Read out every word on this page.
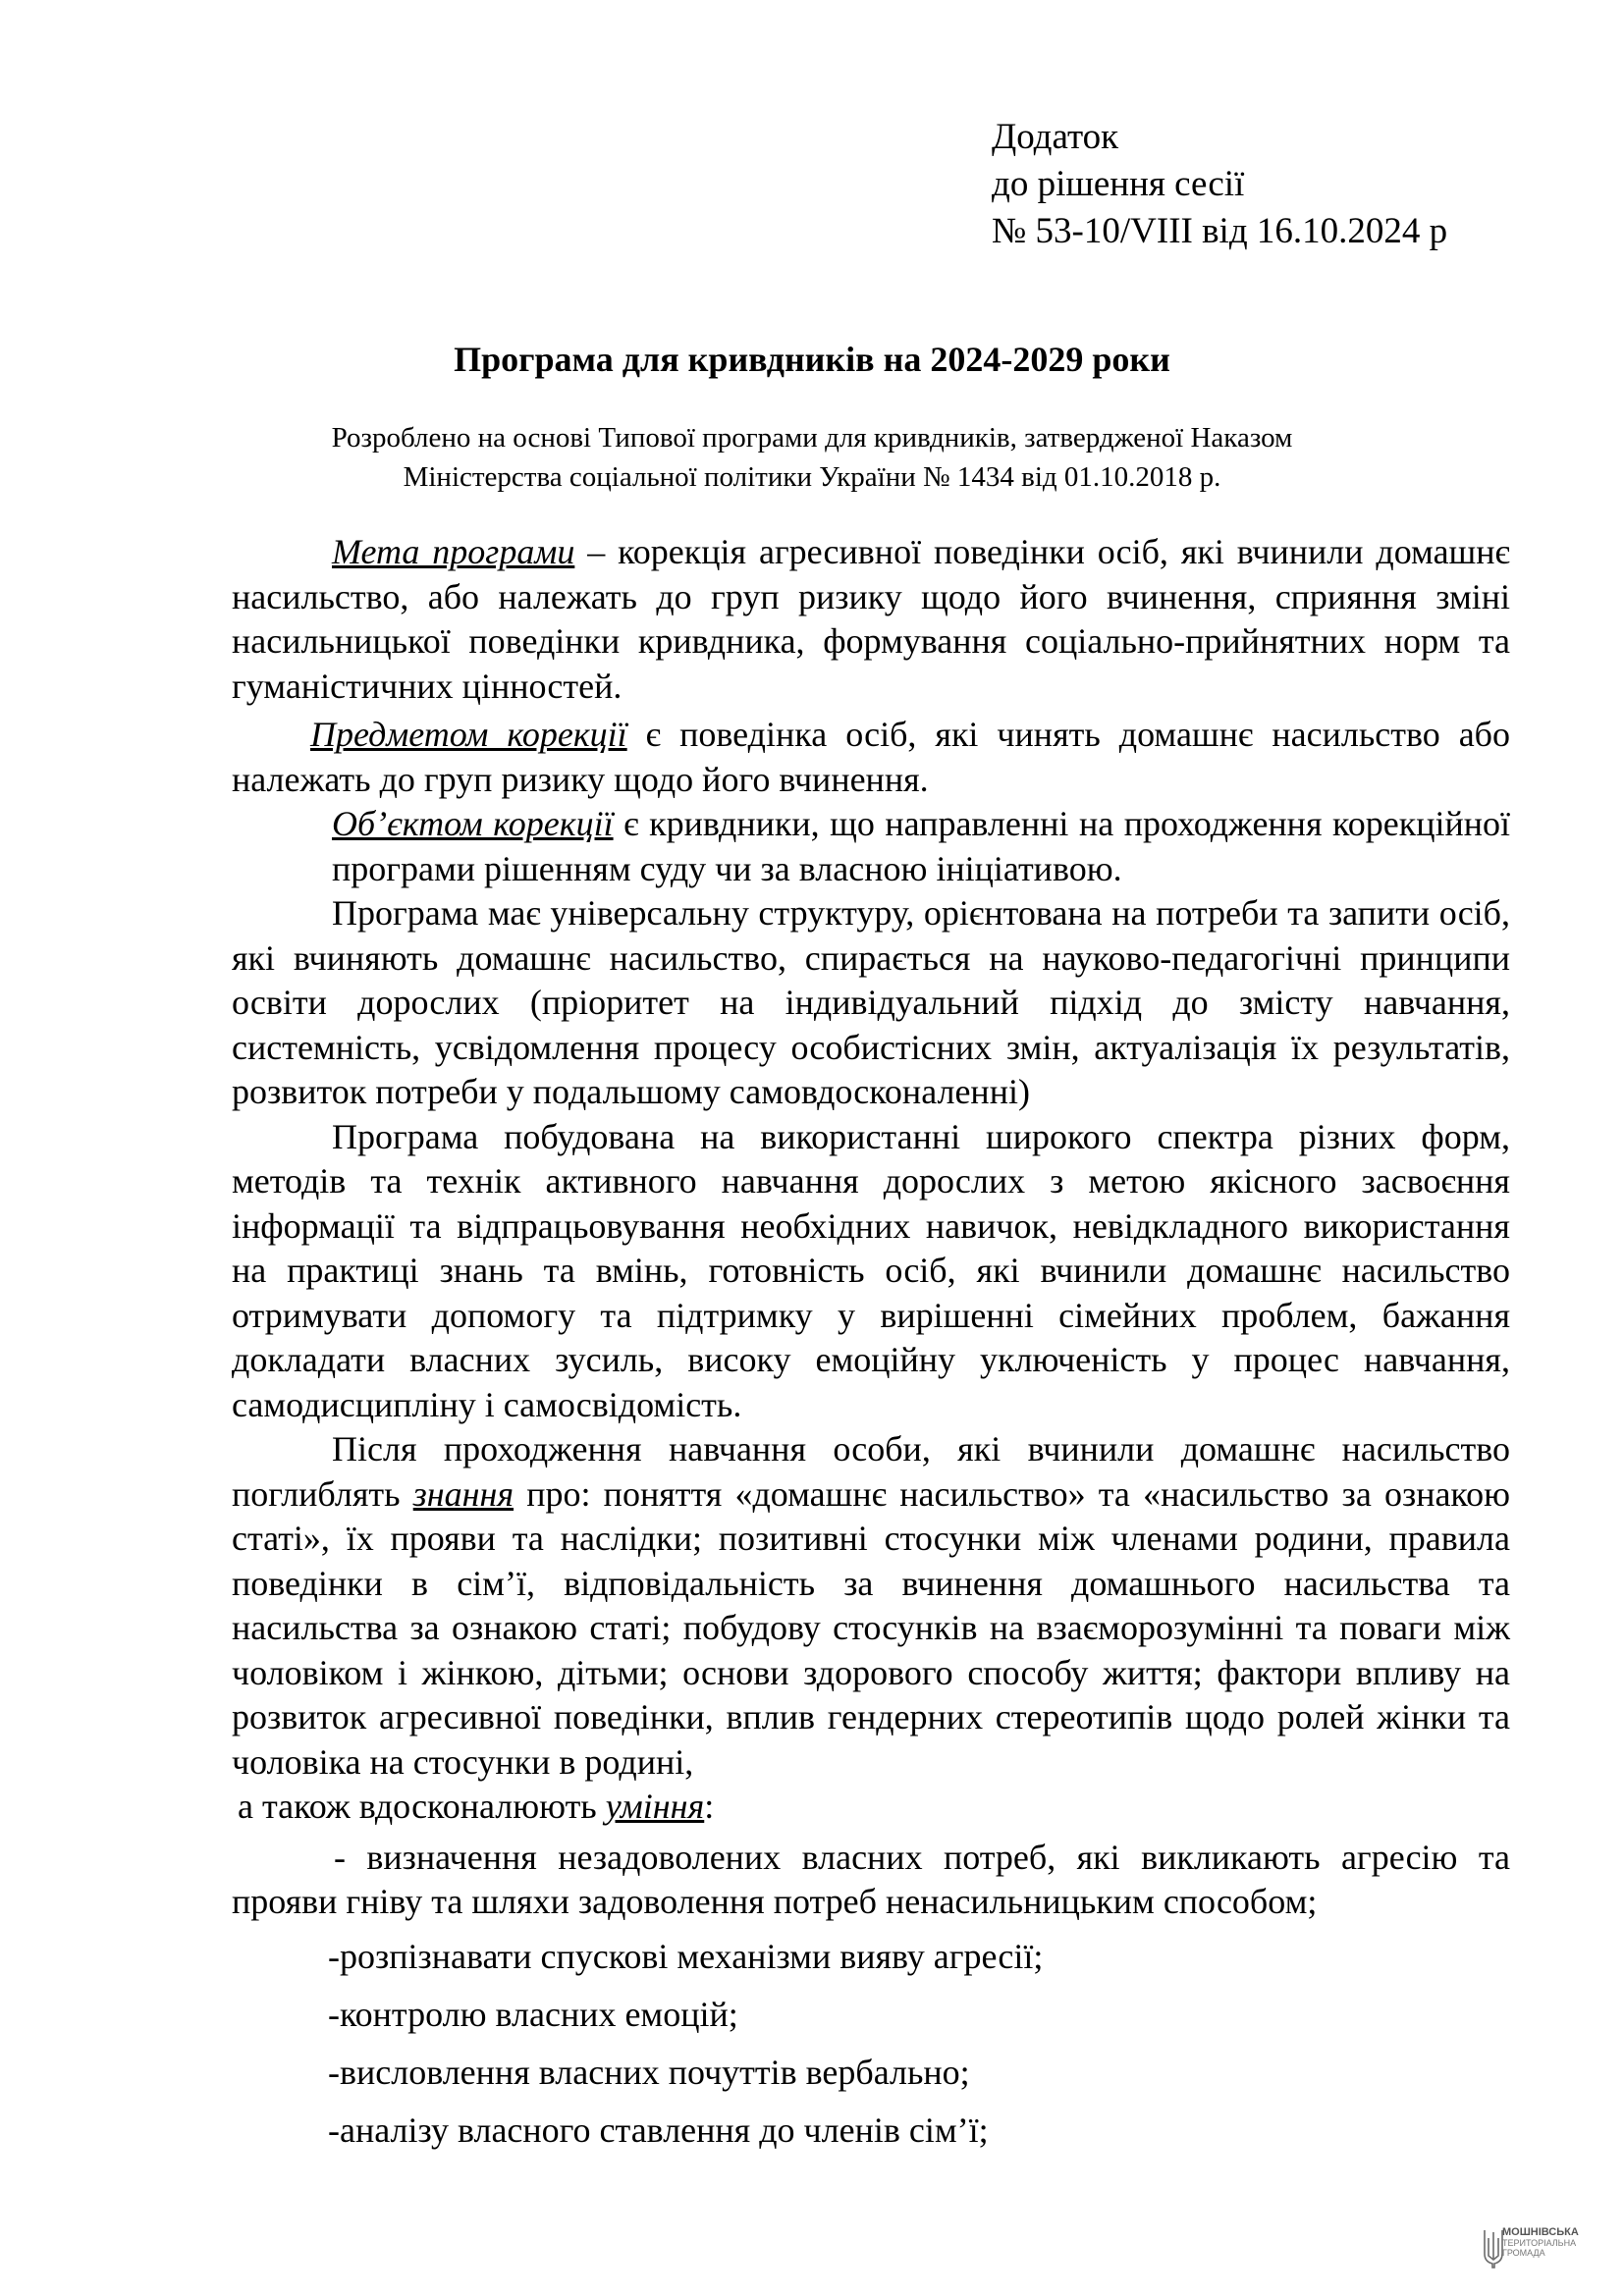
Додаток
до рішення сесії
№ 53-10/VIII від 16.10.2024 р
Програма для кривдників на 2024-2029 роки
Розроблено на основі Типової програми для кривдників, затвердженої Наказом
Міністерства соціальної політики України № 1434 від 01.10.2018 р.

Мета програми – корекція агресивної поведінки осіб, які вчинили домашнє насильство, або належать до груп ризику щодо його вчинення, сприяння зміні насильницької поведінки кривдника, формування соціально-прийнятних норм та гуманістичних цінностей.

Предметом корекції є поведінка осіб, які чинять домашнє насильство або належать до груп ризику щодо його вчинення.

Об’єктом корекції є кривдники, що направленні на проходження корекційної програми рішенням суду чи за власною ініціативою.

Програма має універсальну структуру, орієнтована на потреби та запити осіб, які вчиняють домашнє насильство, спирається на науково-педагогічні принципи освіти дорослих (пріоритет на індивідуальний підхід до змісту навчання, системність, усвідомлення процесу особистісних змін, актуалізація їх результатів, розвиток потреби у подальшому самовдосконаленні)

Програма побудована на використанні широкого спектра різних форм, методів та технік активного навчання дорослих з метою якісного засвоєння інформації та відпрацьовування необхідних навичок, невідкладного використання на практиці знань та вмінь, готовність осіб, які вчинили домашнє насильство отримувати допомогу та підтримку у вирішенні сімейних проблем, бажання докладати власних зусиль, високу емоційну уключеність у процес навчання, самодисципліну і самосвідомість.

Після проходження навчання особи, які вчинили домашнє насильство поглиблять знання про: поняття «домашнє насильство» та «насильство за ознакою статі», їх прояви та наслідки; позитивні стосунки між членами родини, правила поведінки в сім’ї, відповідальність за вчинення домашнього насильства та насильства за ознакою статі; побудову стосунків на взаєморозумінні та поваги між чоловіком і жінкою, дітьми; основи здорового способу життя; фактори впливу на розвиток агресивної поведінки, вплив гендерних стереотипів щодо ролей жінки та чоловіка на стосунки в родині,

а також вдосконалюють уміння:

- визначення незадоволених власних потреб, які викликають агресію та прояви гніву та шляхи задоволення потреб ненасильницьким способом;

-розпізнавати спускові механізми вияву агресії;

-контролю власних емоцій;

-висловлення власних почуттів вербально;

-аналізу власного ставлення до членів сім’ї;

МОШНІВСЬКА
ТЕРИТОРІАЛЬНА
ГРОМАДА
